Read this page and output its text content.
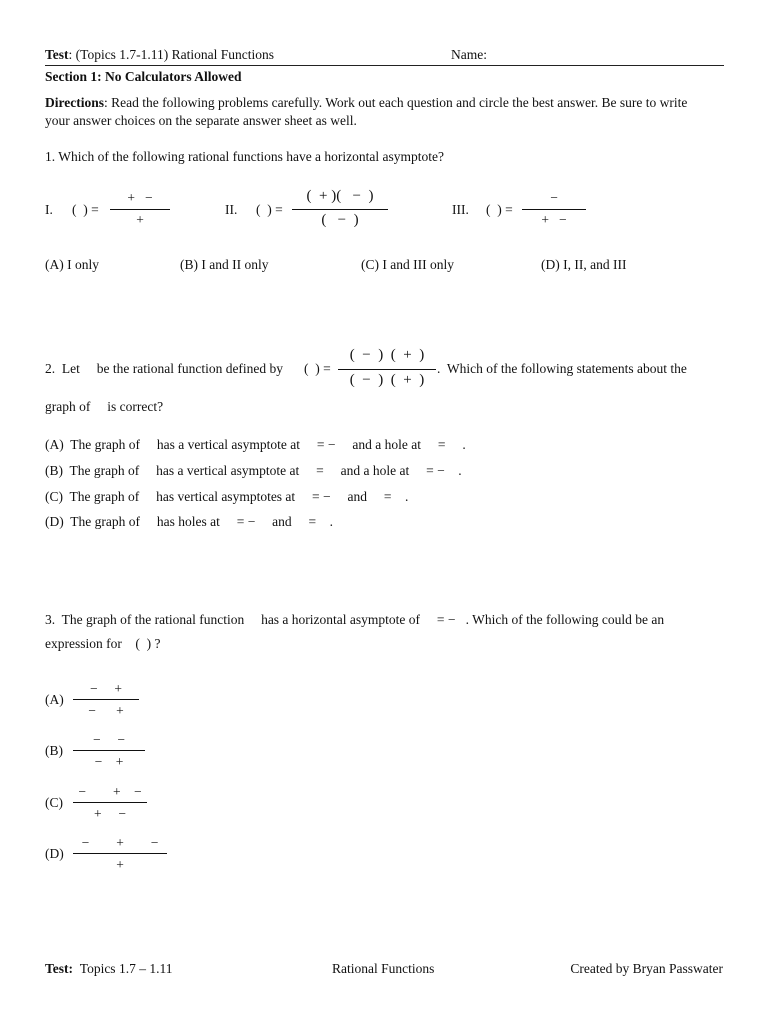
Test: (Topics 1.7-1.11) Rational Functions	Name:
Section 1: No Calculators Allowed
Directions: Read the following problems carefully. Work out each question and circle the best answer. Be sure to write
your answer choices on the separate answer sheet as well.
1. Which of the following rational functions have a horizontal asymptote?
I. (  ) =
+   −
+
II. (  ) =
(  + )(   −  )
(   −  )
III. (  ) =
−
+   −
(A) I only	(B) I and II only	(C) I and III only	(D) I, II, and III
2.  Let     be the rational function defined by (  ) =
(  −  )  (  +  )
(  −  )  (  +  )
.  Which of the following statements about the
graph of     is correct?
(A)  The graph of     has a vertical asymptote at     = −     and a hole at     =     .
(B)  The graph of     has a vertical asymptote at     =     and a hole at     = −    .
(C)  The graph of     has vertical asymptotes at     = −     and     =    .
(D)  The graph of     has holes at     = −     and     =    .
3.  The graph of the rational function     has a horizontal asymptote of     = −   . Which of the following could be an
expression for    (  ) ?
(A)
−     +
−      +
(B)
−     −
−    +
(C)
−        +    −
+     −
(D)
−        +        −
+
Test: Topics 1.7 – 1.11	Rational Functions	Created by Bryan Passwater
